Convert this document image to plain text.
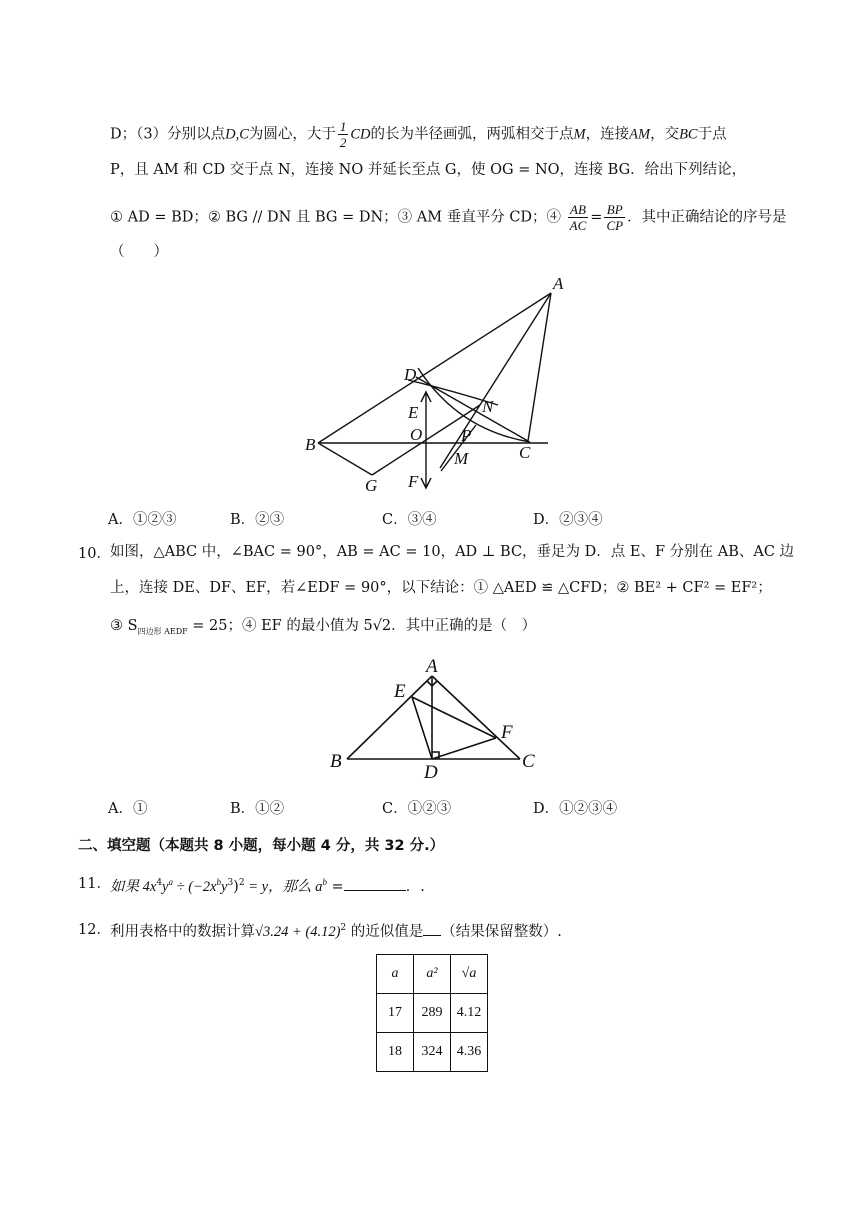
D；（3）分别以点D,C为圆心，大于 $\frac{1}{2}$ CD的长为半径画弧，两弧相交于点M，连接AM，交BC于点
P，且 AM 和 CD 交于点 N，连接 NO 并延长至点 G，使 OG = NO，连接 BG．给出下列结论，
① AD = BD；② BG // DN 且 BG = DN；③ AM 垂直平分 CD；④ $\frac{AB}{AC} = \frac{BP}{CP}$ ．其中正确结论的序号是
（　　）
A
D
E	N
B
O P
M	C
G F
A．①②③	B．②③	C．③④	D．②③④
10． 如图，△ABC 中，∠BAC = 90°，AB = AC = 10，AD ⊥ BC，垂足为 D．点 E、F 分别在 AB、AC 边
上，连接 DE、DF、EF，若∠EDF = 90°，以下结论：① △AED ≌ △CFD；② BE² + CF² = EF²；
③ $S_{四边形 AEDF} = 25$；④ EF 的最小值为 5√2．其中正确的是（　）
A
E
F
B
D
C
A．①	B．①②	C．①②③	D．①②③④
二、填空题（本题共 8 小题，每小题 4 分，共 32 分.）
11． 如果 $4x^4y^a \div (-2x^by^3)^2 = y$，那么 $a^b$ =	．.
12． 利用表格中的数据计算$√3.24 + (4.12)^2$ 的近似值是 （结果保留整数）.
a	a²	√a
17	289	4.12
18	324	4.36
